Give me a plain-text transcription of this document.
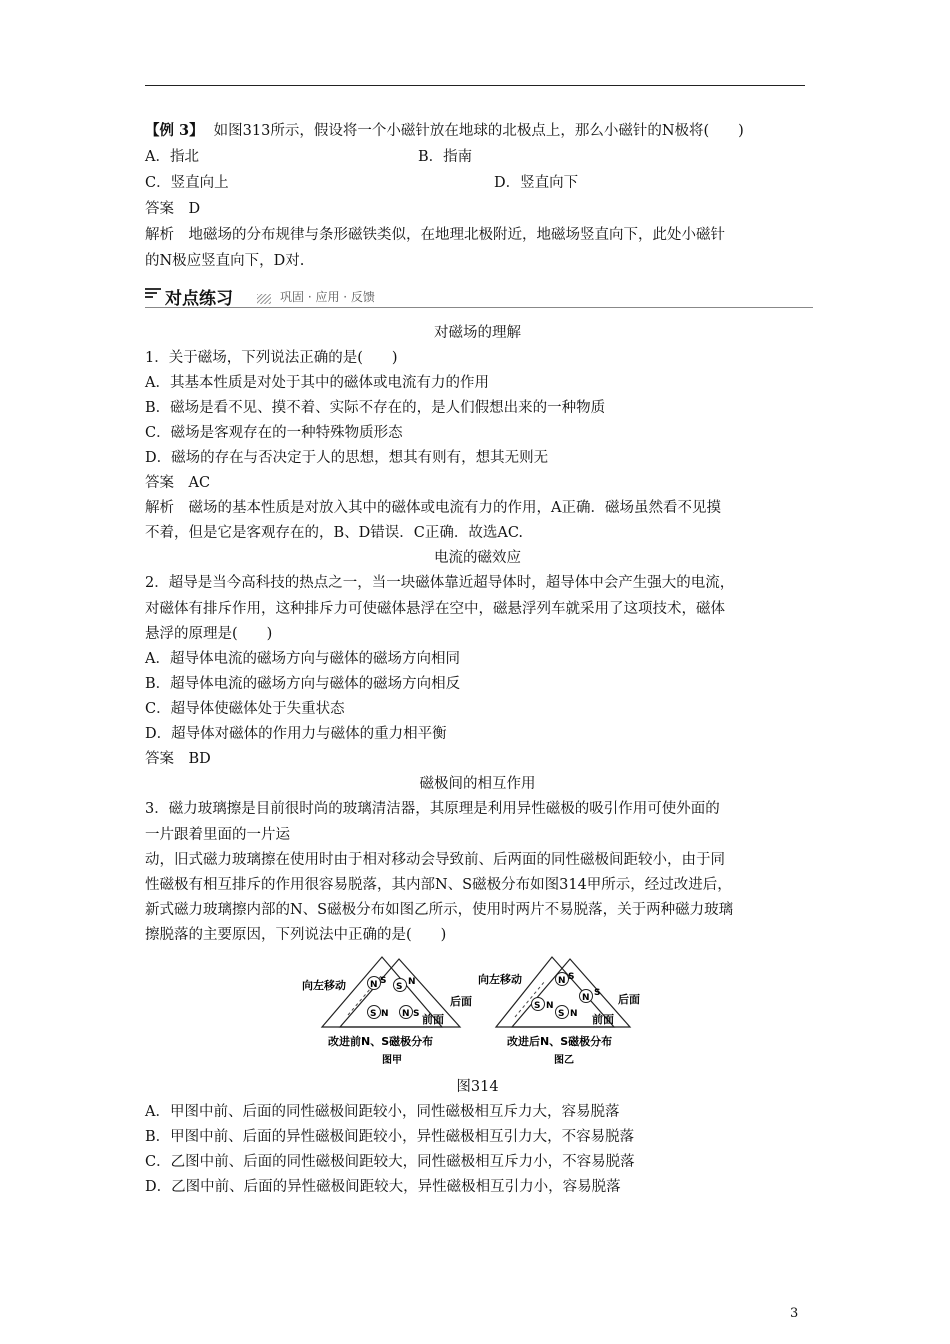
【例 3】 如图313所示，假设将一个小磁针放在地球的北极点上，那么小磁针的N极将(　　)
A．指北	B．指南
C．竖直向上	D．竖直向下
答案　D
解析　地磁场的分布规律与条形磁铁类似，在地理北极附近，地磁场竖直向下，此处小磁针
的N极应竖直向下，D对.
对点练习	巩固 · 应用 · 反馈
对磁场的理解
1．关于磁场，下列说法正确的是(　　)
A．其基本性质是对处于其中的磁体或电流有力的作用
B．磁场是看不见、摸不着、实际不存在的，是人们假想出来的一种物质
C．磁场是客观存在的一种特殊物质形态
D．磁场的存在与否决定于人的思想，想其有则有，想其无则无
答案　AC
解析　磁场的基本性质是对放入其中的磁体或电流有力的作用，A正确．磁场虽然看不见摸
不着，但是它是客观存在的，B、D错误．C正确．故选AC.
电流的磁效应
2．超导是当今高科技的热点之一，当一块磁体靠近超导体时，超导体中会产生强大的电流，
对磁体有排斥作用，这种排斥力可使磁体悬浮在空中，磁悬浮列车就采用了这项技术，磁体
悬浮的原理是(　　)
A．超导体电流的磁场方向与磁体的磁场方向相同
B．超导体电流的磁场方向与磁体的磁场方向相反
C．超导体使磁体处于失重状态
D．超导体对磁体的作用力与磁体的重力相平衡
答案　BD
磁极间的相互作用
3．磁力玻璃擦是目前很时尚的玻璃清洁器，其原理是利用异性磁极的吸引作用可使外面的
一片跟着里面的一片运
动，旧式磁力玻璃擦在使用时由于相对移动会导致前、后两面的同性磁极间距较小，由于同
性磁极有相互排斥的作用很容易脱落，其内部N、S磁极分布如图314甲所示，经过改进后，
新式磁力玻璃擦内部的N、S磁极分布如图乙所示，使用时两片不易脱落，关于两种磁力玻璃
擦脱落的主要原因，下列说法中正确的是(　　)
N S
S N
S N N S
向左移动
后面
前面
改进前N、S磁极分布
图甲
N S
S N
N S
S N
向左移动
后面
前面
改进后N、S磁极分布
图乙
图314
A．甲图中前、后面的同性磁极间距较小，同性磁极相互斥力大，容易脱落
B．甲图中前、后面的异性磁极间距较小，异性磁极相互引力大，不容易脱落
C．乙图中前、后面的同性磁极间距较大，同性磁极相互斥力小，不容易脱落
D．乙图中前、后面的异性磁极间距较大，异性磁极相互引力小，容易脱落
3
